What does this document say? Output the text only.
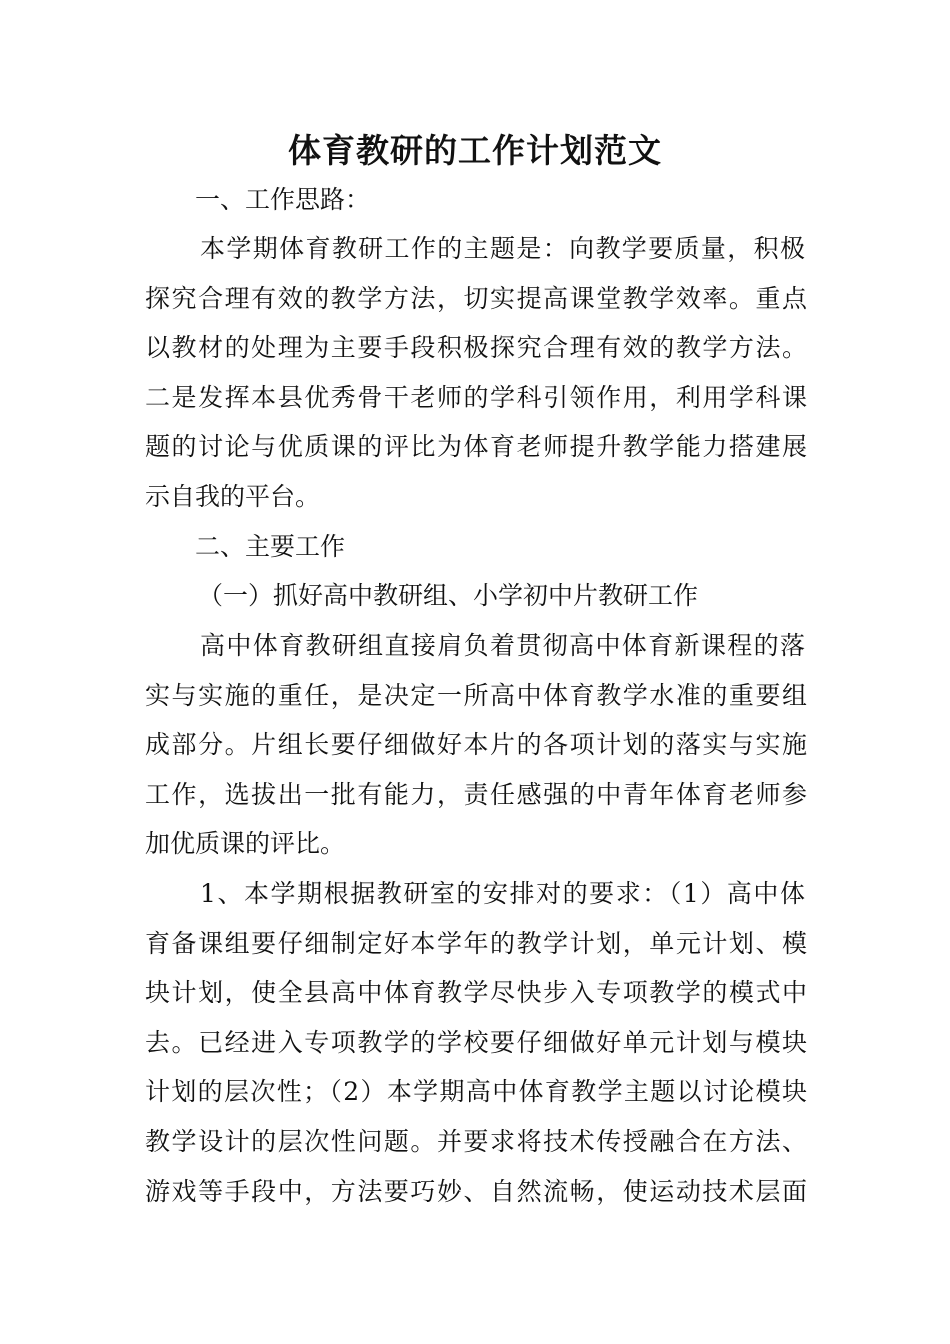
体育教研的工作计划范文
一、工作思路：
本学期体育教研工作的主题是：向教学要质量，积极
探究合理有效的教学方法，切实提高课堂教学效率。重点
以教材的处理为主要手段积极探究合理有效的教学方法。
二是发挥本县优秀骨干老师的学科引领作用，利用学科课
题的讨论与优质课的评比为体育老师提升教学能力搭建展
示自我的平台。
二、主要工作
（一）抓好高中教研组、小学初中片教研工作
高中体育教研组直接肩负着贯彻高中体育新课程的落
实与实施的重任，是决定一所高中体育教学水准的重要组
成部分。片组长要仔细做好本片的各项计划的落实与实施
工作，选拔出一批有能力，责任感强的中青年体育老师参
加优质课的评比。
1、本学期根据教研室的安排对的要求：（1）高中体
育备课组要仔细制定好本学年的教学计划，单元计划、模
块计划，使全县高中体育教学尽快步入专项教学的模式中
去。已经进入专项教学的学校要仔细做好单元计划与模块
计划的层次性；（2）本学期高中体育教学主题以讨论模块
教学设计的层次性问题。并要求将技术传授融合在方法、
游戏等手段中，方法要巧妙、自然流畅，使运动技术层面
